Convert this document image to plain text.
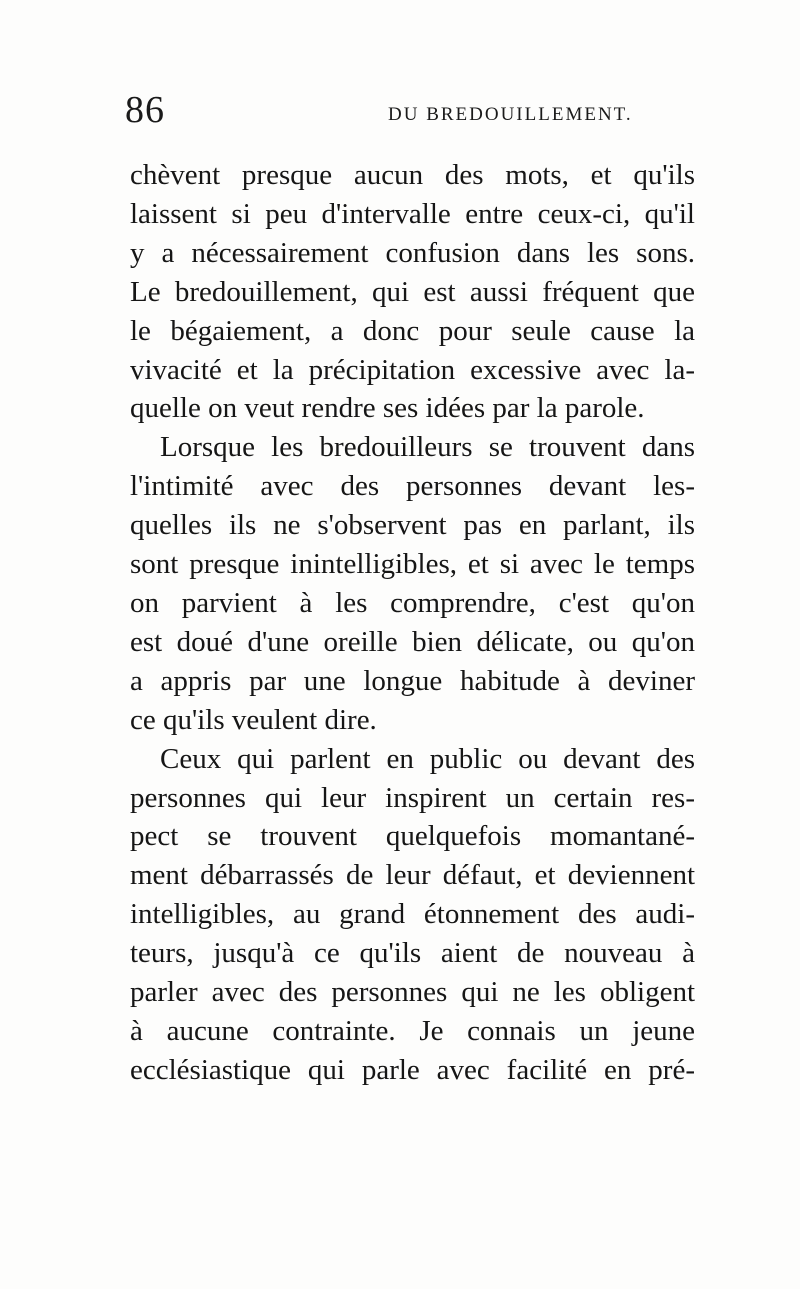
86	DU BREDOUILLEMENT.
chèvent presque aucun des mots, et qu'ils
laissent si peu d'intervalle entre ceux-ci, qu'il
y a nécessairement confusion dans les sons.
Le bredouillement, qui est aussi fréquent que
le bégaiement, a donc pour seule cause la
vivacité et la précipitation excessive avec la-
quelle on veut rendre ses idées par la parole.
Lorsque les bredouilleurs se trouvent dans
l'intimité avec des personnes devant les-
quelles ils ne s'observent pas en parlant, ils
sont presque inintelligibles, et si avec le temps
on parvient à les comprendre, c'est qu'on
est doué d'une oreille bien délicate, ou qu'on
a appris par une longue habitude à deviner
ce qu'ils veulent dire.
Ceux qui parlent en public ou devant des
personnes qui leur inspirent un certain res-
pect se trouvent quelquefois momantané-
ment débarrassés de leur défaut, et deviennent
intelligibles, au grand étonnement des audi-
teurs, jusqu'à ce qu'ils aient de nouveau à
parler avec des personnes qui ne les obligent
à aucune contrainte. Je connais un jeune
ecclésiastique qui parle avec facilité en pré-
